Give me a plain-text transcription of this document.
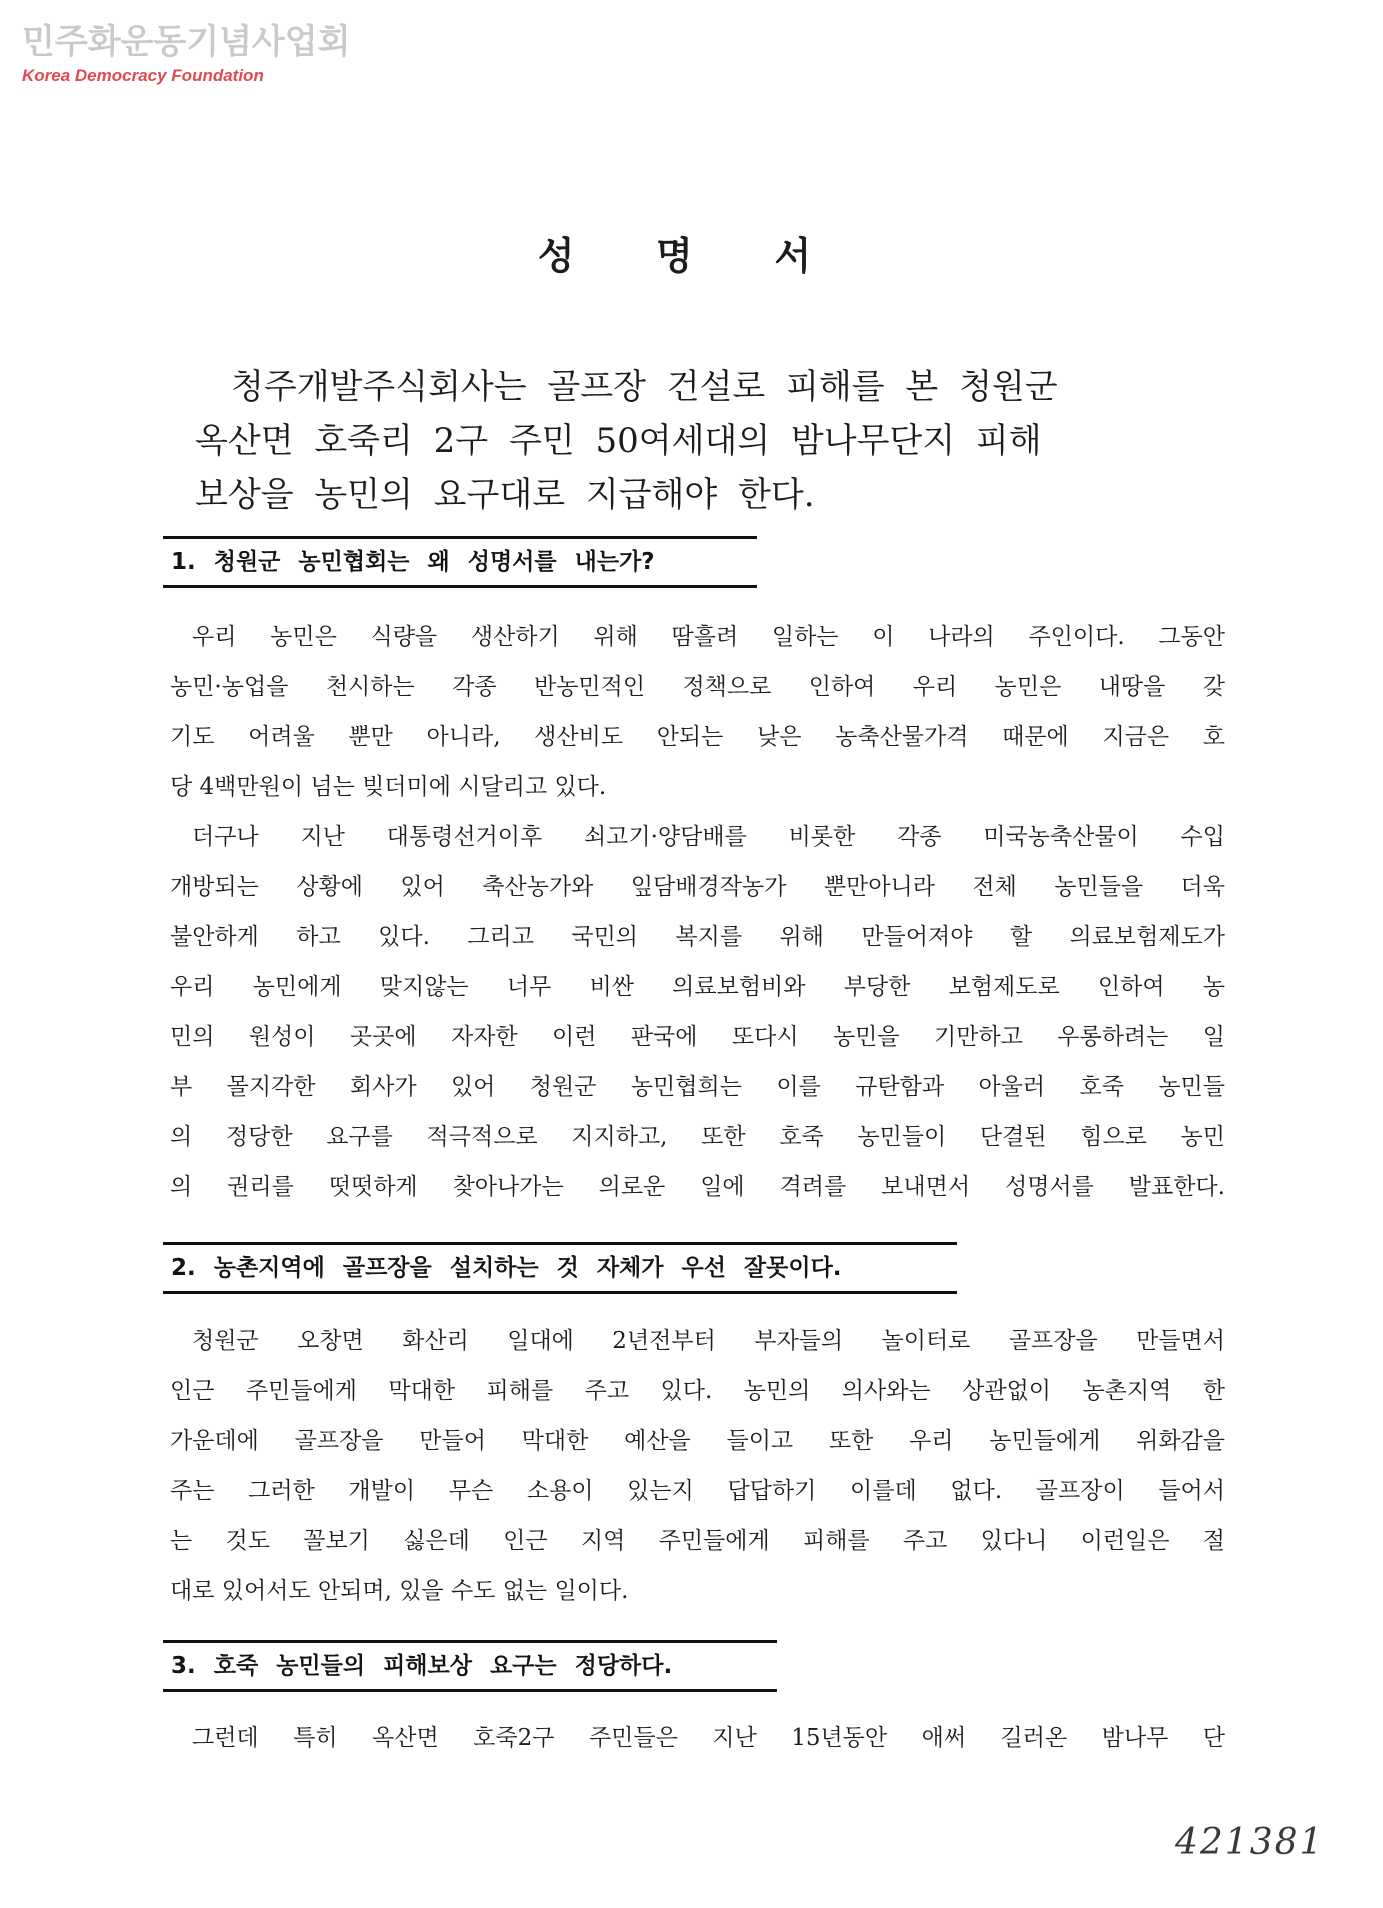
민주화운동기념사업회
Korea Democracy Foundation
성 명 서
청주개발주식회사는 골프장 건설로 피해를 본 청원군
옥산면 호죽리 2구 주민 50여세대의 밤나무단지 피해
보상을 농민의 요구대로 지급해야 한다.
1. 청원군 농민협회는 왜 성명서를 내는가?
우리 농민은 식량을 생산하기 위해 땀흘려 일하는 이 나라의 주인이다. 그동안
농민·농업을 천시하는 각종 반농민적인 정책으로 인하여 우리 농민은 내땅을 갖
기도 어려울 뿐만 아니라, 생산비도 안되는 낮은 농축산물가격 때문에 지금은 호
당 4백만원이 넘는 빚더미에 시달리고 있다.
더구나 지난 대통령선거이후 쇠고기·양담배를 비롯한 각종 미국농축산물이 수입
개방되는 상황에 있어 축산농가와 잎담배경작농가 뿐만아니라 전체 농민들을 더욱
불안하게 하고 있다. 그리고 국민의 복지를 위해 만들어져야 할 의료보험제도가
우리 농민에게 맞지않는 너무 비싼 의료보험비와 부당한 보험제도로 인하여 농
민의 원성이 곳곳에 자자한 이런 판국에 또다시 농민을 기만하고 우롱하려는 일
부 몰지각한 회사가 있어 청원군 농민협희는 이를 규탄함과 아울러 호죽 농민들
의 정당한 요구를 적극적으로 지지하고, 또한 호죽 농민들이 단결된 힘으로 농민
의 권리를 떳떳하게 찾아나가는 의로운 일에 격려를 보내면서 성명서를 발표한다.
2. 농촌지역에 골프장을 설치하는 것 자체가 우선 잘못이다.
청원군 오창면 화산리 일대에 2년전부터 부자들의 놀이터로 골프장을 만들면서
인근 주민들에게 막대한 피해를 주고 있다. 농민의 의사와는 상관없이 농촌지역 한
가운데에 골프장을 만들어 막대한 예산을 들이고 또한 우리 농민들에게 위화감을
주는 그러한 개발이 무슨 소용이 있는지 답답하기 이를데 없다. 골프장이 들어서
는 것도 꼴보기 싫은데 인근 지역 주민들에게 피해를 주고 있다니 이런일은 절
대로 있어서도 안되며, 있을 수도 없는 일이다.
3. 호죽 농민들의 피해보상 요구는 정당하다.
그런데 특히 옥산면 호죽2구 주민들은 지난 15년동안 애써 길러온 밤나무 단
421381
